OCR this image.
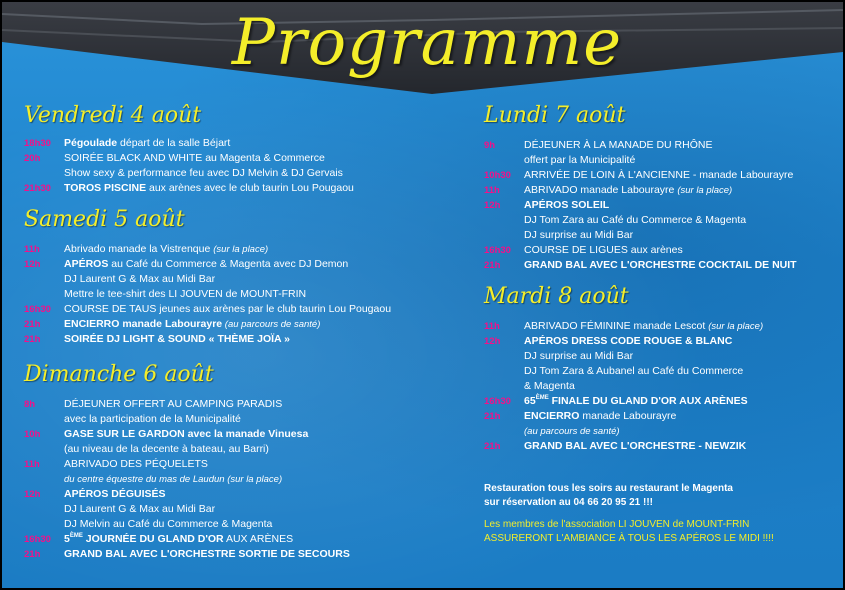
Programme
Vendredi 4 août
18h30 Pégoulade départ de la salle Béjart
20h SOIRÉE BLACK AND WHITE au Magenta & Commerce
Show sexy & performance feu avec DJ Melvin & DJ Gervais
21h30 TOROS PISCINE aux arènes avec le club taurin Lou Pougaou
Samedi 5 août
11h Abrivado manade la Vistrenque (sur la place)
12h APÉROS au Café du Commerce & Magenta avec DJ Demon
DJ Laurent G & Max au Midi Bar
Mettre le tee-shirt des LI JOUVEN de MOUNT-FRIN
16h30 COURSE DE TAUS jeunes aux arènes par le club taurin Lou Pougaou
21h ENCIERRO manade Labourayre (au parcours de santé)
21h SOIRÉE DJ LIGHT & SOUND « THÈME JOÏA »
Dimanche 6 août
8h	DÉJEUNER OFFERT AU CAMPING PARADIS
avec la participation de la Municipalité
10h GASE SUR LE GARDON avec la manade Vinuesa
(au niveau de la decente à bateau, au Barri)
11h ABRIVADO DES PÉQUELETS
du centre équestre du mas de Laudun (sur la place)
12h APÉROS DÉGUISÉS
DJ Laurent G & Max au Midi Bar
DJ Melvin au Café du Commerce & Magenta
16h30 5ÈME JOURNÉE DU GLAND D'OR AUX ARÈNES
21h GRAND BAL AVEC L'ORCHESTRE SORTIE DE SECOURS
Lundi 7 août
9h	DÉJEUNER À LA MANADE DU RHÔNE
offert par la Municipalité
10h30 ARRIVÉE DE LOIN À L'ANCIENNE - manade Labourayre
11h ABRIVADO manade Labourayre (sur la place)
12h APÉROS SOLEIL
DJ Tom Zara au Café du Commerce & Magenta
DJ surprise au Midi Bar
16h30 COURSE DE LIGUES aux arènes
21h GRAND BAL AVEC L'ORCHESTRE COCKTAIL DE NUIT
Mardi 8 août
11h ABRIVADO FÉMININE manade Lescot (sur la place)
12h APÉROS DRESS CODE ROUGE & BLANC
DJ surprise au Midi Bar
DJ Tom Zara & Aubanel au Café du Commerce
& Magenta
16h30 65ÈME FINALE DU GLAND D'OR AUX ARÈNES
21h ENCIERRO manade Labourayre
(au parcours de santé)
21h GRAND BAL AVEC L'ORCHESTRE - NEWZIK
Restauration tous les soirs au restaurant le Magenta
sur réservation au 04 66 20 95 21 !!!
Les membres de l'association LI JOUVEN de MOUNT-FRIN
ASSURERONT L'AMBIANCE À TOUS LES APÉROS LE MIDI !!!!
